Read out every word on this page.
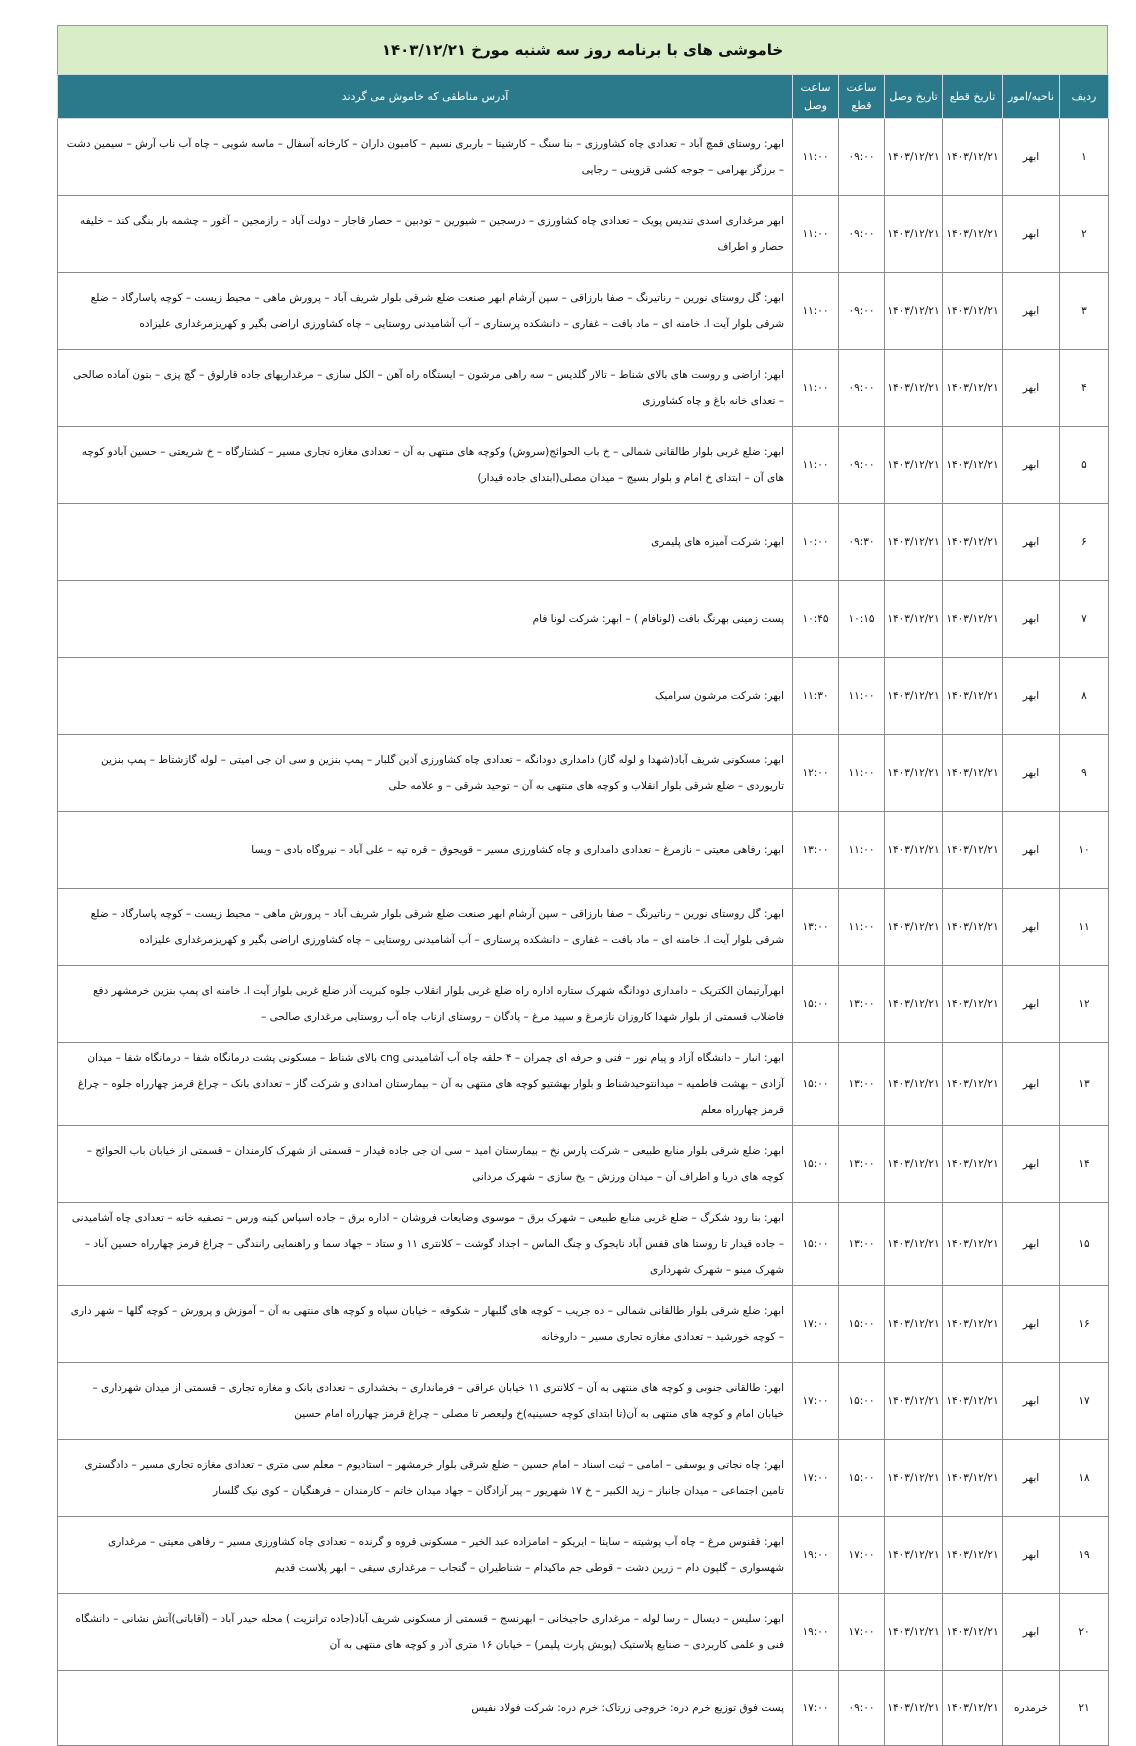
خاموشی های با برنامه روز سه شنبه مورخ ۱۴۰۳/۱۲/۲۱
ردیف	ناحیه/امور	تاریخ قطع	تاریخ وصل	ساعت قطع	ساعت وصل	آدرس مناطقی که خاموش می گردند
۱	ابهر	۱۴۰۳/۱۲/۲۱	۱۴۰۳/۱۲/۲۱	۰۹:۰۰	۱۱:۰۰	ابهر: روستای قمچ آباد – تعدادی چاه کشاورزی – بنا سنگ – کارشیتا – باربری نسیم – کامیون داران – کارخانه آسفال – ماسه شویی – چاه آب ناب آرش – سیمین دشت – برزگز بهرامی – جوجه کشی قزوینی – رجایی
۲	ابهر	۱۴۰۳/۱۲/۲۱	۱۴۰۳/۱۲/۲۱	۰۹:۰۰	۱۱:۰۰	ابهر مرغداری اسدی تندیس پویک – تعدادی چاه کشاورزی – درسجین – شیورین – تودبین – حصار قاجار – دولت آباد – رازمجین – آغور – چشمه بار بنگی کند – خلیفه حصار و اطراف
۳	ابهر	۱۴۰۳/۱۲/۲۱	۱۴۰۳/۱۲/۲۱	۰۹:۰۰	۱۱:۰۰	ابهر: گل روستای نورین – رناتیرنگ – صفا بارزاقی – سپن آرشام ابهر صنعت ضلع شرقی بلوار شریف آباد – پرورش ماهی – محیط زیست – کوچه پاسارگاد – ضلع شرقی بلوار آیت ا. خامنه ای – ماد بافت – غفاری – دانشکده پرستاری – آب آشامیدنی روستایی – چاه کشاورزی اراضی بگیر و کهریزمرغداری علیزاده
۴	ابهر	۱۴۰۳/۱۲/۲۱	۱۴۰۳/۱۲/۲۱	۰۹:۰۰	۱۱:۰۰	ابهر: اراضی و روست های بالای شناط – تالار گلدیس – سه راهی مرشون – ایستگاه راه آهن – الکل سازی – مرغداریهای جاده قارلوق – گچ پزی – بتون آماده صالحی – تعدای خانه باغ و چاه کشاورزی
۵	ابهر	۱۴۰۳/۱۲/۲۱	۱۴۰۳/۱۲/۲۱	۰۹:۰۰	۱۱:۰۰	ابهر: ضلع غربی بلوار طالقانی شمالی – خ باب الحوائج(سروش) وکوچه های منتهی به آن – تعدادی مغازه تجاری مسیر – کشتارگاه – خ شریعتی – حسین آبادو کوچه های آن – ابتدای خ امام و بلوار بسیج – میدان مصلی(ابتدای جاده قیدار)
۶	ابهر	۱۴۰۳/۱۲/۲۱	۱۴۰۳/۱۲/۲۱	۰۹:۳۰	۱۰:۰۰	ابهر: شرکت آمیزه های پلیمری
۷	ابهر	۱۴۰۳/۱۲/۲۱	۱۴۰۳/۱۲/۲۱	۱۰:۱۵	۱۰:۴۵	پست زمینی بهرنگ بافت (لونافام ) – ابهر: شرکت لونا فام
۸	ابهر	۱۴۰۳/۱۲/۲۱	۱۴۰۳/۱۲/۲۱	۱۱:۰۰	۱۱:۳۰	ابهر: شرکت مرشون سرامیک
۹	ابهر	۱۴۰۳/۱۲/۲۱	۱۴۰۳/۱۲/۲۱	۱۱:۰۰	۱۲:۰۰	ابهر: مسکونی شریف آباد(شهدا و لوله گاز) دامداری دودانگه – تعدادی چاه کشاورزی آذین گلبار – پمپ بنزین و سی ان جی امیتی – لوله گازشتاط – پمپ بنزین تاریوردی – ضلع شرقی بلوار انقلاب و کوچه های منتهی به آن – توحید شرقی – و علامه حلی
۱۰	ابهر	۱۴۰۳/۱۲/۲۱	۱۴۰۳/۱۲/۲۱	۱۱:۰۰	۱۳:۰۰	ابهر: رفاهی معیتی – نازمرغ – تعدادی دامداری و چاه کشاورزی مسیر – قویجوق – قره تپه – علی آباد – نیروگاه بادی – ویسا
۱۱	ابهر	۱۴۰۳/۱۲/۲۱	۱۴۰۳/۱۲/۲۱	۱۱:۰۰	۱۳:۰۰	ابهر: گل روستای نورین – رناتیرنگ – صفا بارزاقی – سپن آرشام ابهر صنعت ضلع شرقی بلوار شریف آباد – پرورش ماهی – محیط زیست – کوچه پاسارگاد – ضلع شرقی بلوار آیت ا. خامنه ای – ماد بافت – غفاری – دانشکده پرستاری – آب آشامیدنی روستایی – چاه کشاورزی اراضی بگیر و کهریزمرغداری علیزاده
۱۲	ابهر	۱۴۰۳/۱۲/۲۱	۱۴۰۳/۱۲/۲۱	۱۳:۰۰	۱۵:۰۰	ابهرآرتیمان الکتریک – دامداری دودانگه شهرک ستاره اداره راه ضلع غربی بلوار انقلاب جلوه کبریت آذر ضلع غربی بلوار آیت ا. خامنه ای پمپ بنزین خرمشهر دفع فاضلاب قسمتی از بلوار شهدا کاروزان نازمرغ و سپید مرغ – پادگان – روستای ازناب چاه آب روستایی مرغداری صالحی –
۱۳	ابهر	۱۴۰۳/۱۲/۲۱	۱۴۰۳/۱۲/۲۱	۱۳:۰۰	۱۵:۰۰	ابهر: انبار – دانشگاه آزاد و پیام نور – فنی و حرفه ای چمران – ۴ حلقه چاه آب آشامیدنی cng بالای شناط – مسکونی پشت درمانگاه شفا – درمانگاه شفا – میدان آزادی – بهشت فاطمیه – میدانتوحیدشناط و بلوار بهشتیو کوچه های منتهی به آن – بیمارستان امدادی و شرکت گاز – تعدادی بانک – چراغ قرمز چهارراه جلوه – چراغ قرمز چهارراه معلم
۱۴	ابهر	۱۴۰۳/۱۲/۲۱	۱۴۰۳/۱۲/۲۱	۱۳:۰۰	۱۵:۰۰	ابهر: ضلع شرقی بلوار منابع طبیعی – شرکت پارس نخ – بیمارستان امید – سی ان جی جاده قیدار – قسمتی از شهرک کارمندان – قسمتی از خیابان باب الحوائج – کوچه های دریا و اطراف آن – میدان ورزش – یخ سازی – شهرک مردانی
۱۵	ابهر	۱۴۰۳/۱۲/۲۱	۱۴۰۳/۱۲/۲۱	۱۳:۰۰	۱۵:۰۰	ابهر: بنا رود شکرگ – ضلع غربی منابع طبیعی – شهرک برق – موسوی وضایعات فروشان – اداره برق – جاده اسپاس کینه ورس – تصفیه خانه – تعدادی چاه آشامیدنی – جاده قیدار تا روستا های قفس آباد نایجوک و چنگ الماس – اجداد گوشت – کلانتری ۱۱ و ستاد – جهاد سما و راهنمایی رانندگی – چراغ قرمز چهارراه حسین آباد – شهرک مینو – شهرک شهرداری
۱۶	ابهر	۱۴۰۳/۱۲/۲۱	۱۴۰۳/۱۲/۲۱	۱۵:۰۰	۱۷:۰۰	ابهر: ضلع شرقی بلوار طالقانی شمالی – ده جریب – کوچه های گلبهار – شکوفه – خیابان سپاه و کوچه های منتهی به آن – آموزش و پرورش – کوچه گلها – شهر داری – کوچه خورشید – تعدادی مغازه تجاری مسیر – داروخانه
۱۷	ابهر	۱۴۰۳/۱۲/۲۱	۱۴۰۳/۱۲/۲۱	۱۵:۰۰	۱۷:۰۰	ابهر: طالقانی جنوبی و کوچه های منتهی به آن – کلانتری ۱۱ خیابان عراقی – فرمانداری – بخشداری – تعدادی بانک و مغازه تجاری – قسمتی از میدان شهرداری – خیابان امام و کوچه های منتهی به آن(تا ابتدای کوچه حسینیه)خ ولیعصر تا مصلی – چراغ قرمز چهارراه امام حسین
۱۸	ابهر	۱۴۰۳/۱۲/۲۱	۱۴۰۳/۱۲/۲۱	۱۵:۰۰	۱۷:۰۰	ابهر: چاه نجاتی و یوسفی – امامی – ثبت اسناد – امام حسین – ضلع شرقی بلوار خرمشهر – استادیوم – معلم سی متری – تعدادی مغازه تجاری مسیر – دادگستری تامین اجتماعی – میدان جانباز – زید الکبیر – خ ۱۷ شهریور – پیر آزادگان – جهاد میدان خاتم – کارمندان – فرهنگیان – کوی نیک گلسار
۱۹	ابهر	۱۴۰۳/۱۲/۲۱	۱۴۰۳/۱۲/۲۱	۱۷:۰۰	۱۹:۰۰	ابهر: ققنوس مرغ – چاه آب پوشیته – ساینا – ایریکو – امامزاده عبد الخیر – مسکونی قروه و گرنده – تعدادی چاه کشاورزی مسیر – رفاهی معیتی – مرغداری شهسواری – گلپون دام – زرین دشت – قوطی جم ماکیدام – شناطیران – گنجاب – مرغداری سیفی – ابهر پلاست قدیم
۲۰	ابهر	۱۴۰۳/۱۲/۲۱	۱۴۰۳/۱۲/۲۱	۱۷:۰۰	۱۹:۰۰	ابهر: سلیس – دیسال – رسا لوله – مرغداری حاجیخانی – ابهرنسج – قسمتی از مسکونی شریف آباد(جاده ترانزیت ) محله حیدر آباد – (آقاباتی)آتش نشانی – دانشگاه فنی و علمی کاربردی – صنایع پلاستیک (پوبش پارت پلیمر) – خیابان ۱۶ متری آذر و کوچه های منتهی به آن
۲۱	خرمدره	۱۴۰۳/۱۲/۲۱	۱۴۰۳/۱۲/۲۱	۰۹:۰۰	۱۷:۰۰	پست فوق توزیع خرم دره: خروجی زرتاک: خرم دره: شرکت فولاد نفیس
